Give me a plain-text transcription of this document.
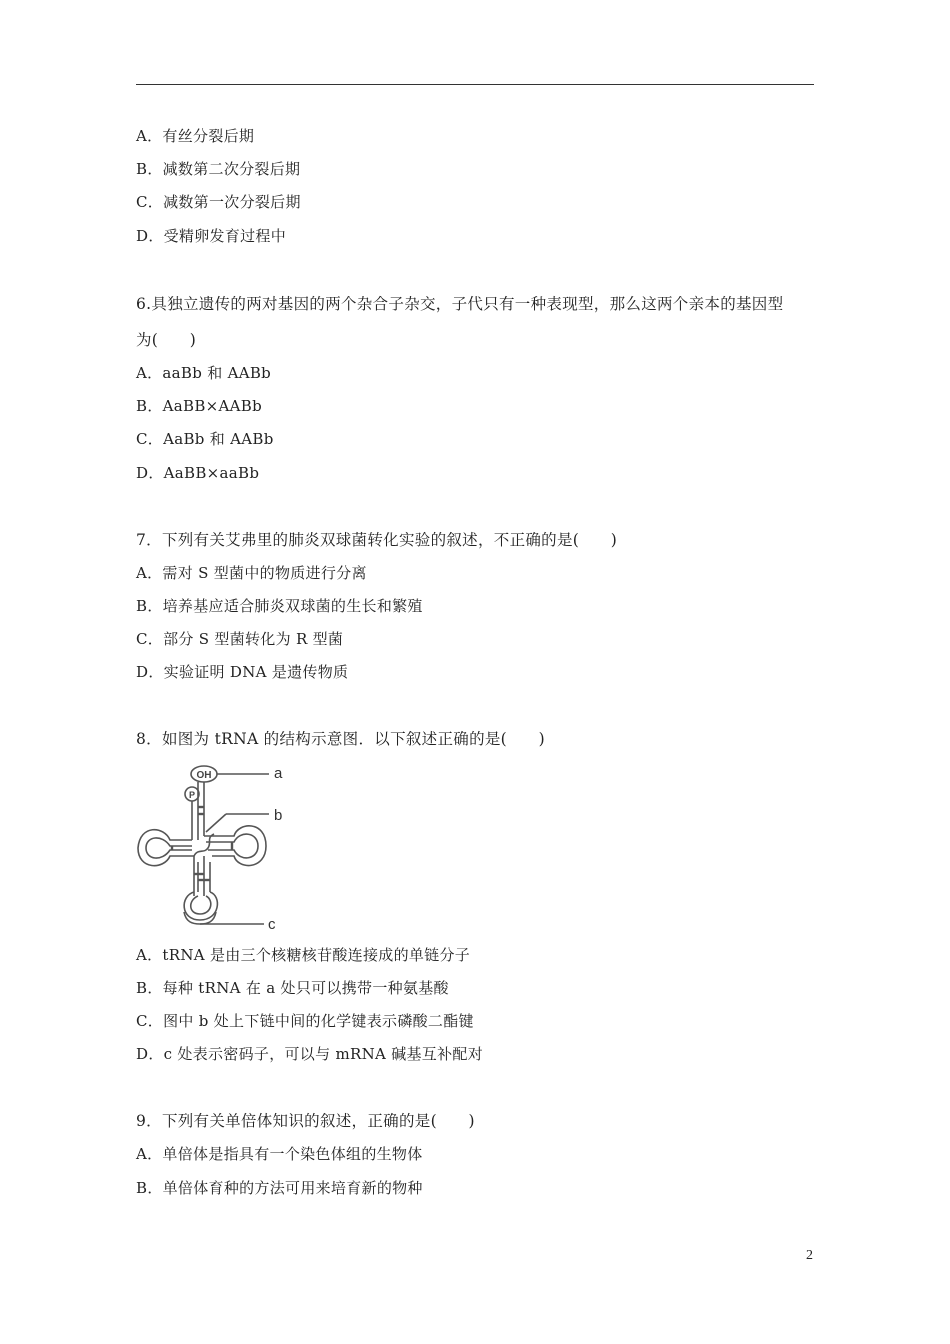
A．有丝分裂后期
B．减数第二次分裂后期
C．减数第一次分裂后期
D．受精卵发育过程中
6.具独立遗传的两对基因的两个杂合子杂交，子代只有一种表现型，那么这两个亲本的基因型
为(　　)
A．aaBb 和 AABb
B．AaBB×AABb
C．AaBb 和 AABb
D．AaBB×aaBb
7．下列有关艾弗里的肺炎双球菌转化实验的叙述，不正确的是(　　)
A．需对 S 型菌中的物质进行分离
B．培养基应适合肺炎双球菌的生长和繁殖
C．部分 S 型菌转化为 R 型菌
D．实验证明 DNA 是遗传物质
8．如图为 tRNA 的结构示意图．以下叙述正确的是(　　)
OH
P
a
b
c
A．tRNA 是由三个核糖核苷酸连接成的单链分子
B．每种 tRNA 在 a 处只可以携带一种氨基酸
C．图中 b 处上下链中间的化学键表示磷酸二酯键
D．c 处表示密码子，可以与 mRNA 碱基互补配对
9．下列有关单倍体知识的叙述，正确的是(　　)
A．单倍体是指具有一个染色体组的生物体
B．单倍体育种的方法可用来培育新的物种
2
